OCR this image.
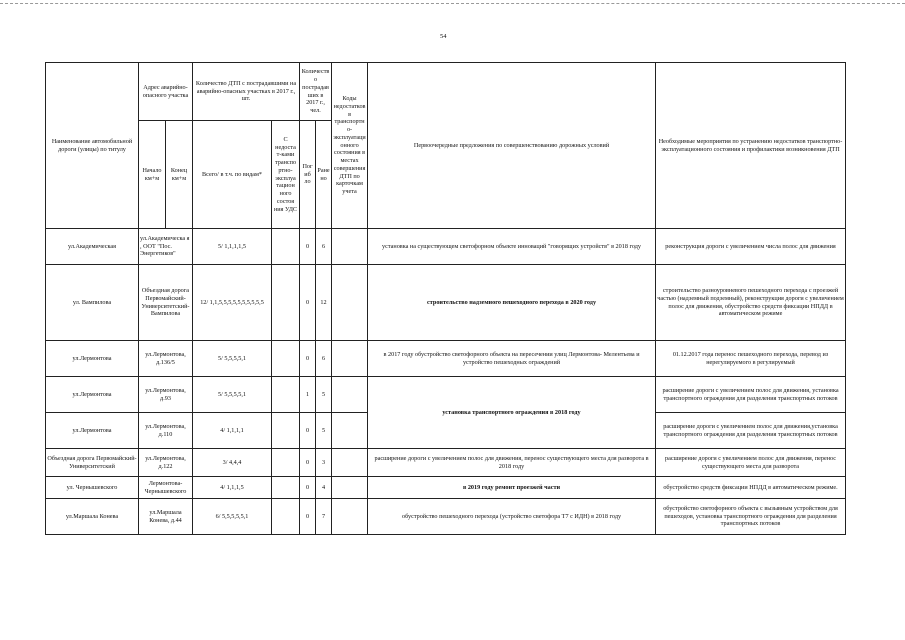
54
Наименование автомобильной дороги (улицы) по титулу	Адрес аварийно-опасного участка		Количество ДТП с пострадавшими на аварийно-опасных участках в 2017 г., шт.		Количеств о пострадав ших в 2017 г., чел.		Коды недостатков в транспортно-эксплуатационного состояния в местах совершения ДТП по карточкам учета	Первоочередные предложения по совершенствованию дорожных условий	Необходимые мероприятия по устранению недостатков транспортно-эксплуатационного состояния и профилактики возникновения ДТП
	Начало км+м	Конец км+м	Всего/ в т.ч. по видам*	С недоста т-ками транспо ртно-эксплуа тацион ного состоя ния УДС	Погиб ло	Ране но			
ул.Академическая	ул.Академическа я , ООТ "Пос. Энергетиков"		5/ 1,1,1,1,5		0	6		установка на существующем светофорном объекте инноваций "говорящих устройств" в 2018 году	реконструкция дороги с увеличением числа полос для движения
ул. Вампилова	Объездная дорога Первомайский-Университетский-Вампилова		12/ 1,1,5,5,5,5,5,5,5,5,5,5		0	12		строительство надземного пешеходного перехода в 2020 году	строительство разноуровневого пешеходного перехода с проезжей частью (надземный подземный), реконструкция дороги с увеличением полос для движения, обустройство средств фиксации НПДД в автоматическом режиме
ул.Лермонтова	ул.Лермонтова, д.136/5		5/ 5,5,5,5,1		0	6		в 2017 году обустройство светофорного объекта на пересечении улиц Лермонтова- Мелентьева и устройство пешеходных ограждений	01.12.2017 года перенос пешеходного перехода, перевод из нерегулируемого в регулируемый
ул.Лермонтова	ул.Лермонтова, д.93		5/ 5,5,5,5,1		1	5		установка транспортного ограждения в 2018 году	расширение дороги с увеличением полос для движения, установка транспортного ограждения для разделения транспортных потоков
ул.Лермонтова	ул.Лермонтова, д.110		4/ 1,1,1,1		0	5			расширение дороги с увеличением полос для движения,установка транспортного ограждения для разделения транспортных потоков
Объездная дорога Первомайский-Университетский	ул.Лермонтова, д.122		3/ 4,4,4		0	3		расширение дороги с увеличением полос для движения, перенос существующего места для разворота в 2018 году	расширение дороги с увеличением полос для движения, перенос существующего места для разворота
ул. Чернышевского	Лермонтова-Чернышевского		4/ 1,1,1,5		0	4		в 2019 году ремонт проезжей части	обустройство средств фиксации НПДД в автоматическом режиме.
ул.Маршала Конева	ул.Маршала Конева, д.44		6/ 5,5,5,5,5,1		0	7		обустройство пешеходного перехода (устройство светофора Т7 с ИДН) в 2018 году	обустройство светофорного объекта с вызывным устройством для пешеходов, установка транспортного ограждения для разделения транспортных потоков
